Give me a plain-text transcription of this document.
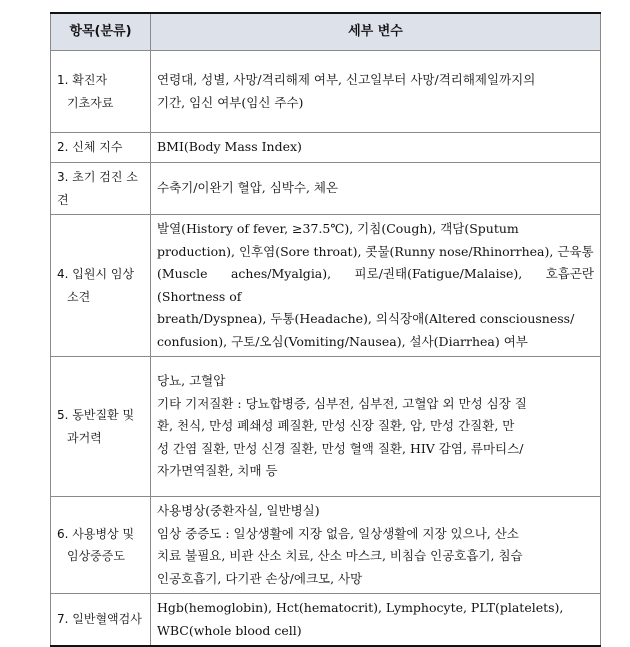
항목(분류)	세부 변수

1. 확진자
기초자료	연령대, 성별, 사망/격리해제 여부, 신고일부터 사망/격리해제일까지의
기간, 임신 여부(임신 주수)

2. 신체 지수	BMI(Body Mass Index)

3. 초기 검진 소견	수축기/이완기 혈압, 심박수, 체온

4. 입원시 임상
소견	발열(History of fever, ≥37.5℃), 기침(Cough), 객담(Sputum
production), 인후염(Sore throat), 콧물(Runny nose/Rhinorrhea), 근육통
(Muscle aches/Myalgia), 피로/권태(Fatigue/Malaise), 호흡곤란(Shortness of
breath/Dyspnea), 두통(Headache), 의식장애(Altered consciousness/
confusion), 구토/오심(Vomiting/Nausea), 설사(Diarrhea) 여부

5. 동반질환 및
과거력	당뇨, 고혈압
기타 기저질환 : 당뇨합병증, 심부전, 심부전, 고혈압 외 만성 심장 질
환, 천식, 만성 폐쇄성 폐질환, 만성 신장 질환, 암, 만성 간질환, 만
성 간염 질환, 만성 신경 질환, 만성 혈액 질환, HIV 감염, 류마티스/
자가면역질환, 치매 등

6. 사용병상 및
임상중증도	사용병상(중환자실, 일반병실)
임상 중증도 : 일상생활에 지장 없음, 일상생활에 지장 있으나, 산소
치료 불필요, 비관 산소 치료, 산소 마스크, 비침습 인공호흡기, 침습
인공호흡기, 다기관 손상/에크모, 사망

7. 일반혈액검사	Hgb(hemoglobin), Hct(hematocrit), Lymphocyte, PLT(platelets),
WBC(whole blood cell)
